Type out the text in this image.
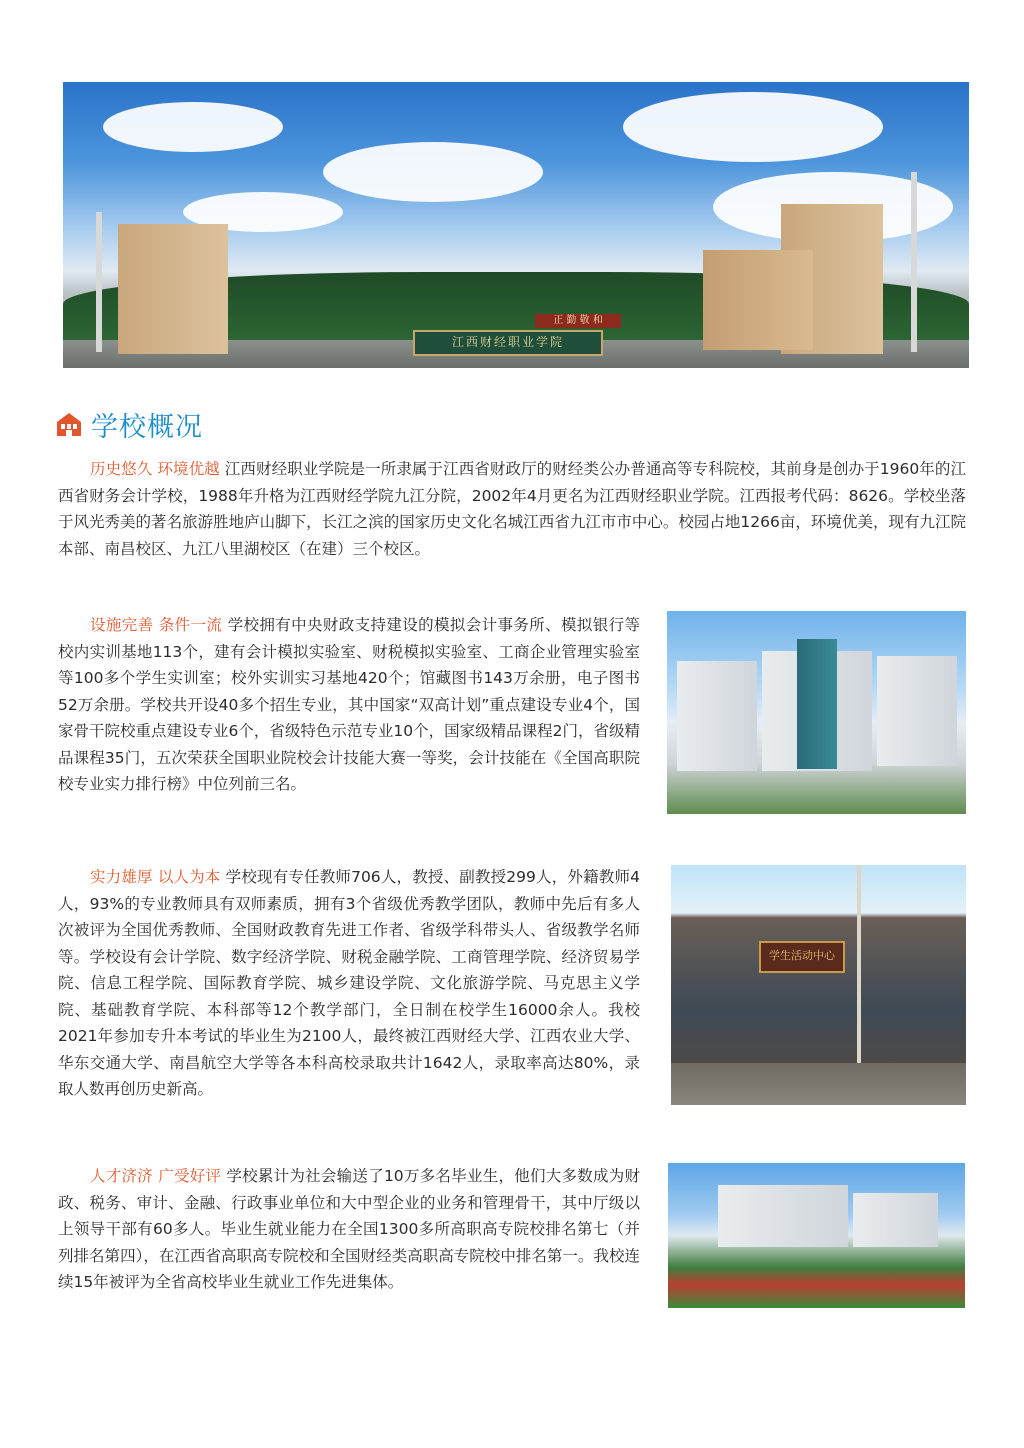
江西财经职业学院
正 勤 敬 和
学校概况

历史悠久 环境优越 江西财经职业学院是一所隶属于江西省财政厅的财经类公办普通高等专科院校，其前身是创办于1960年的江西省财务会计学校，1988年升格为江西财经学院九江分院，2002年4月更名为江西财经职业学院。江西报考代码：8626。学校坐落于风光秀美的著名旅游胜地庐山脚下，长江之滨的国家历史文化名城江西省九江市市中心。校园占地1266亩，环境优美，现有九江院本部、南昌校区、九江八里湖校区（在建）三个校区。

设施完善 条件一流 学校拥有中央财政支持建设的模拟会计事务所、模拟银行等校内实训基地113个，建有会计模拟实验室、财税模拟实验室、工商企业管理实验室等100多个学生实训室；校外实训实习基地420个；馆藏图书143万余册，电子图书52万余册。学校共开设40多个招生专业，其中国家“双高计划”重点建设专业4个，国家骨干院校重点建设专业6个，省级特色示范专业10个，国家级精品课程2门，省级精品课程35门，五次荣获全国职业院校会计技能大赛一等奖，会计技能在《全国高职院校专业实力排行榜》中位列前三名。

实力雄厚 以人为本 学校现有专任教师706人，教授、副教授299人，外籍教师4人，93%的专业教师具有双师素质，拥有3个省级优秀教学团队，教师中先后有多人次被评为全国优秀教师、全国财政教育先进工作者、省级学科带头人、省级教学名师等。学校设有会计学院、数字经济学院、财税金融学院、工商管理学院、经济贸易学院、信息工程学院、国际教育学院、城乡建设学院、文化旅游学院、马克思主义学院、基础教育学院、本科部等12个教学部门，全日制在校学生16000余人。我校2021年参加专升本考试的毕业生为2100人，最终被江西财经大学、江西农业大学、华东交通大学、南昌航空大学等各本科高校录取共计1642人，录取率高达80%，录取人数再创历史新高。

学生活动中心

人才济济 广受好评 学校累计为社会输送了10万多名毕业生，他们大多数成为财政、税务、审计、金融、行政事业单位和大中型企业的业务和管理骨干，其中厅级以上领导干部有60多人。毕业生就业能力在全国1300多所高职高专院校排名第七（并列排名第四），在江西省高职高专院校和全国财经类高职高专院校中排名第一。我校连续15年被评为全省高校毕业生就业工作先进集体。
